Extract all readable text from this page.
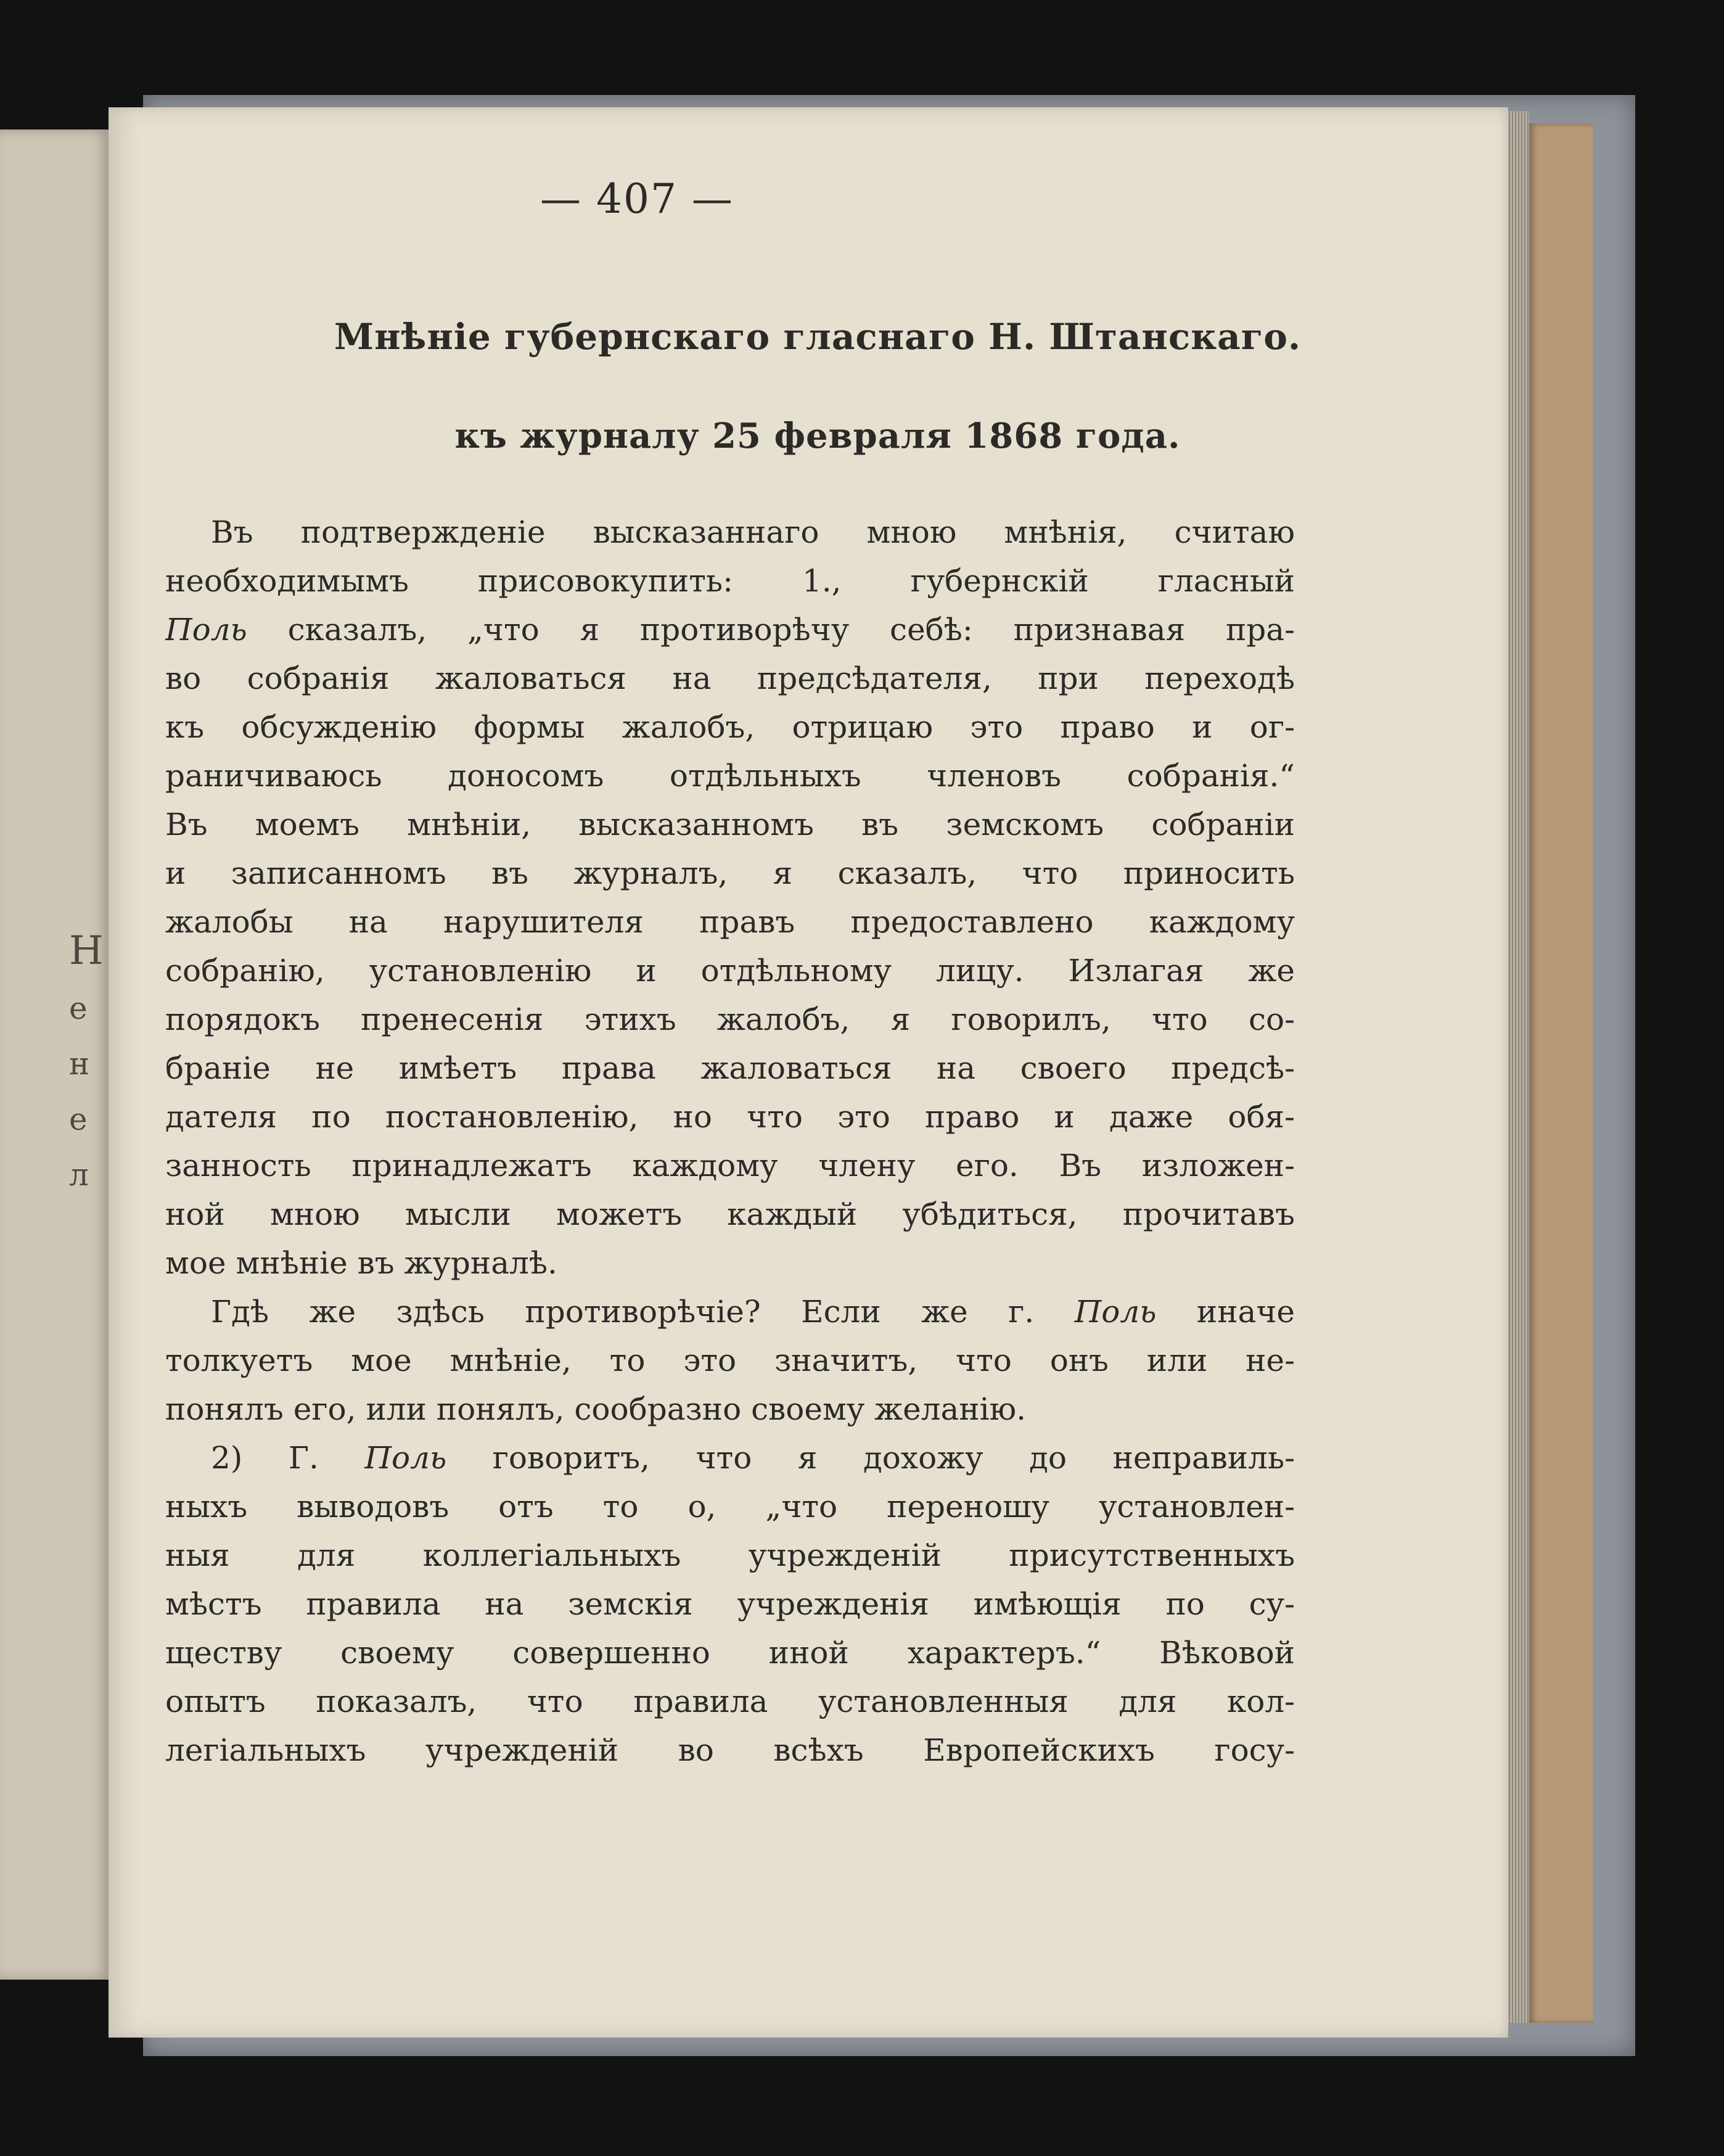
Н
е
н
е
л
— 407 —
Мнѣніе губернскаго гласнаго Н. Штанскаго.
къ журналу 25 февраля 1868 года.
Въ подтвержденіе высказаннаго мною мнѣнія, считаю
необходимымъ присовокупить: 1., губернскій гласный
Поль сказалъ, „что я противорѣчу себѣ: признавая пра-
во собранія жаловаться на предсѣдателя, при переходѣ
къ обсужденію формы жалобъ, отрицаю это право и ог-
раничиваюсь доносомъ отдѣльныхъ членовъ собранія.“
Въ моемъ мнѣніи, высказанномъ въ земскомъ собраніи
и записанномъ въ журналъ, я сказалъ, что приносить
жалобы на нарушителя правъ предоставлено каждому
собранію, установленію и отдѣльному лицу. Излагая же
порядокъ пренесенія этихъ жалобъ, я говорилъ, что со-
браніе не имѣетъ права жаловаться на своего предсѣ-
дателя по постановленію, но что это право и даже обя-
занность принадлежатъ каждому члену его. Въ изложен-
ной мною мысли можетъ каждый убѣдиться, прочитавъ
мое мнѣніе въ журналѣ.
Гдѣ же здѣсь противорѣчіе? Если же г. Поль иначе
толкуетъ мое мнѣніе, то это значитъ, что онъ или не-
понялъ его, или понялъ, сообразно своему желанію.
2) Г. Поль говоритъ, что я дохожу до неправиль-
ныхъ выводовъ отъ то о, „что переношу установлен-
ныя для коллегіальныхъ учрежденій присутственныхъ
мѣстъ правила на земскія учрежденія имѣющія по су-
ществу своему совершенно иной характеръ.“ Вѣковой
опытъ показалъ, что правила установленныя для кол-
легіальныхъ учрежденій во всѣхъ Европейскихъ госу-
